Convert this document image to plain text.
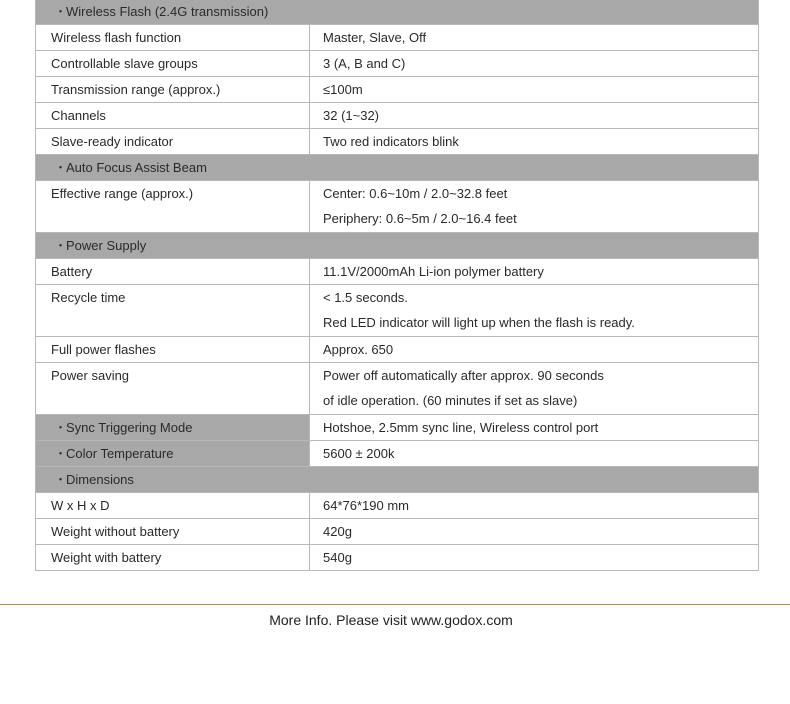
・Wireless Flash (2.4G transmission)	
Wireless flash function	Master, Slave, Off
Controllable slave groups	3 (A, B and C)
Transmission range (approx.)	≤100m
Channels	32 (1~32)
Slave-ready indicator	Two red indicators blink
・Auto Focus Assist Beam	
Effective range (approx.)	Center: 0.6~10m / 2.0~32.8 feet
Periphery: 0.6~5m / 2.0~16.4 feet

・Power Supply	
Battery	11.1V/2000mAh Li-ion polymer battery

Recycle time	< 1.5 seconds.
Red LED indicator will light up when the flash is ready.

Full power flashes	Approx. 650

Power saving	Power off automatically after approx. 90 seconds
of idle operation. (60 minutes if set as slave)

・Sync Triggering Mode	Hotshoe, 2.5mm sync line, Wireless control port
・Color Temperature	5600 ± 200k
・Dimensions	
W x H x D	64*76*190 mm
Weight without battery	420g
Weight with battery	540g
More Info. Please visit www.godox.com
